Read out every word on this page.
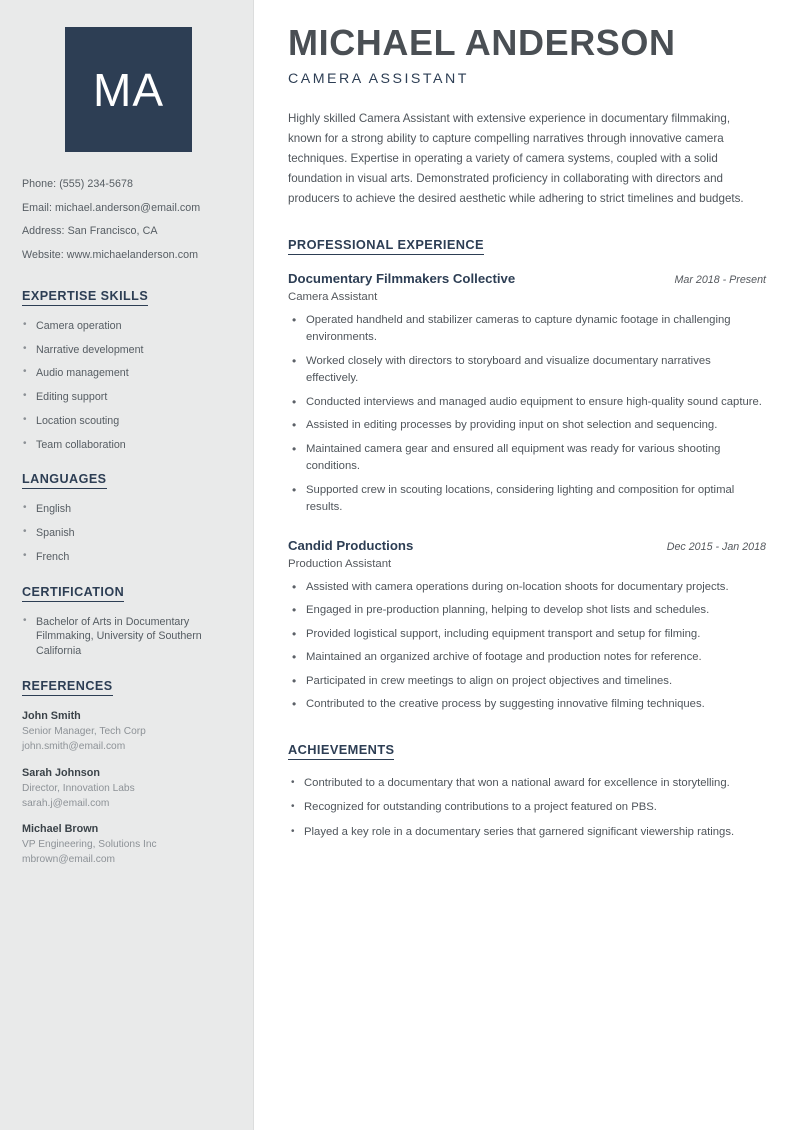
MA
Phone: (555) 234-5678
Email: michael.anderson@email.com
Address: San Francisco, CA
Website: www.michaelanderson.com
EXPERTISE SKILLS
• Camera operation
• Narrative development
• Audio management
• Editing support
• Location scouting
• Team collaboration
LANGUAGES
• English
• Spanish
• French
CERTIFICATION
• Bachelor of Arts in Documentary Filmmaking, University of Southern California
REFERENCES
John Smith
Senior Manager, Tech Corp
john.smith@email.com
Sarah Johnson
Director, Innovation Labs
sarah.j@email.com
Michael Brown
VP Engineering, Solutions Inc
mbrown@email.com
MICHAEL ANDERSON
CAMERA ASSISTANT

Highly skilled Camera Assistant with extensive experience in documentary filmmaking, known for a strong ability to capture compelling narratives through innovative camera techniques. Expertise in operating a variety of camera systems, coupled with a solid foundation in visual arts. Demonstrated proficiency in collaborating with directors and producers to achieve the desired aesthetic while adhering to strict timelines and budgets.

PROFESSIONAL EXPERIENCE
Documentary Filmmakers Collective	Mar 2018 - Present
Camera Assistant
• Operated handheld and stabilizer cameras to capture dynamic footage in challenging environments.
• Worked closely with directors to storyboard and visualize documentary narratives effectively.
• Conducted interviews and managed audio equipment to ensure high-quality sound capture.
• Assisted in editing processes by providing input on shot selection and sequencing.
• Maintained camera gear and ensured all equipment was ready for various shooting conditions.
• Supported crew in scouting locations, considering lighting and composition for optimal results.
Candid Productions	Dec 2015 - Jan 2018
Production Assistant
• Assisted with camera operations during on-location shoots for documentary projects.
• Engaged in pre-production planning, helping to develop shot lists and schedules.
• Provided logistical support, including equipment transport and setup for filming.
• Maintained an organized archive of footage and production notes for reference.
• Participated in crew meetings to align on project objectives and timelines.
• Contributed to the creative process by suggesting innovative filming techniques.
ACHIEVEMENTS
• Contributed to a documentary that won a national award for excellence in storytelling.
• Recognized for outstanding contributions to a project featured on PBS.
• Played a key role in a documentary series that garnered significant viewership ratings.
